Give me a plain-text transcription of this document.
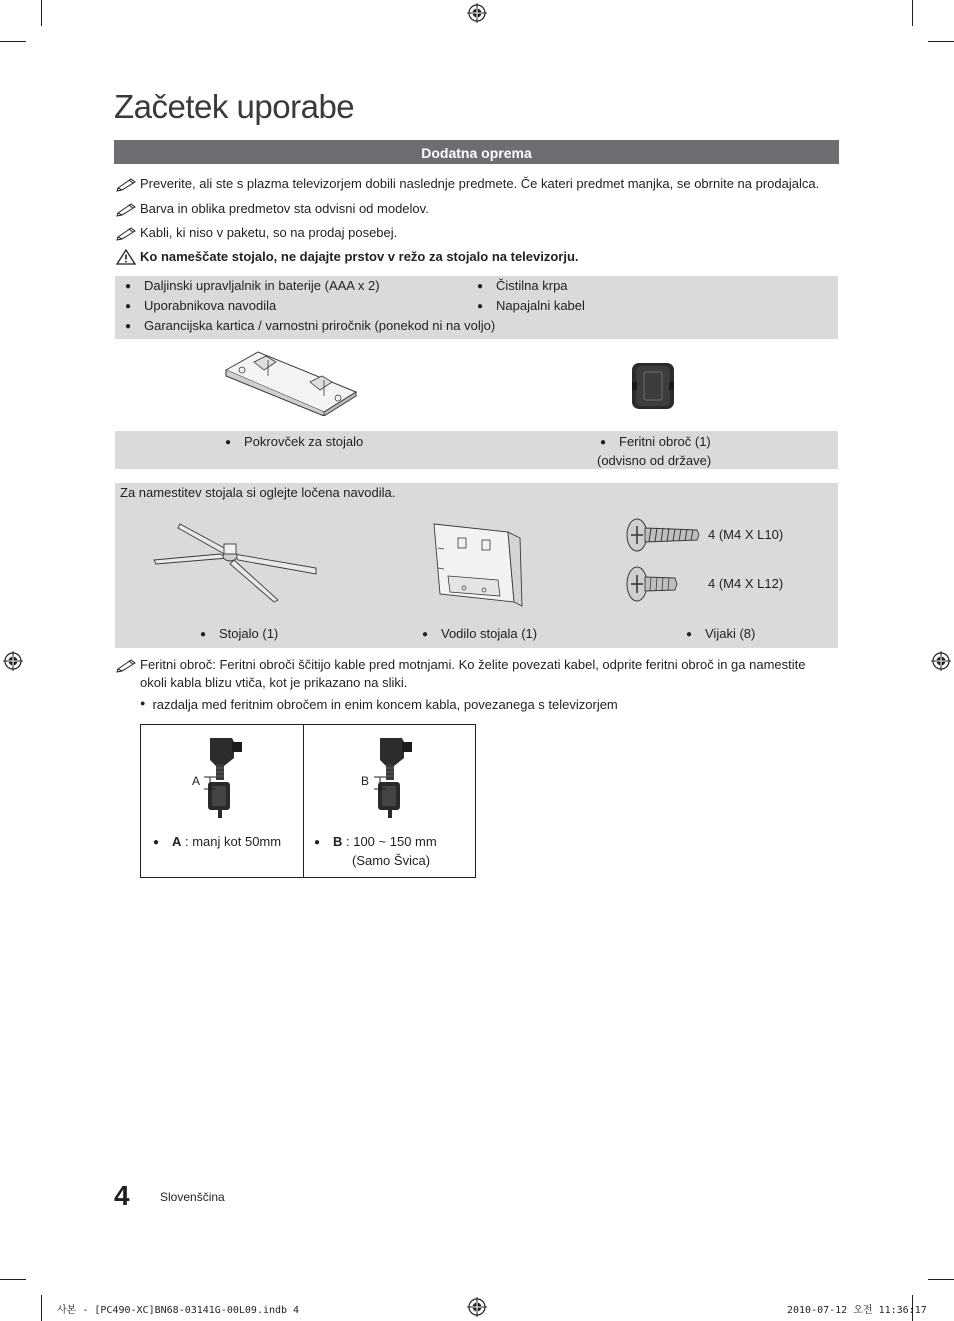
Začetek uporabe
Dodatna oprema
Preverite, ali ste s plazma televizorjem dobili naslednje predmete. Če kateri predmet manjka, se obrnite na prodajalca.
Barva in oblika predmetov sta odvisni od modelov.
Kabli, ki niso v paketu, so na prodaj posebej.
Ko nameščate stojalo, ne dajajte prstov v režo za stojalo na televizorju.
● Daljinski upravljalnik in baterije (AAA x 2)
● Uporabnikova navodila
● Garancijska kartica / varnostni priročnik (ponekod ni na voljo)
● Čistilna krpa
● Napajalni kabel
● Pokrovček za stojalo	● Feritni obroč (1)
(odvisno od države)
Za namestitev stojala si oglejte ločena navodila.
4 (M4 X L10)
4 (M4 X L12)
● Stojalo (1)	● Vodilo stojala (1)	● Vijaki (8)
Feritni obroč: Feritni obroči ščitijo kable pred motnjami. Ko želite povezati kabel, odprite feritni obroč in ga namestite
okoli kabla blizu vtiča, kot je prikazano na sliki.
● razdalja med feritnim obročem in enim koncem kabla, povezanega s televizorjem
A	B
● A : manj kot 50mm	● B : 100 ~ 150 mm
(Samo Švica)
4	Slovenščina
사본 - [PC490-XC]BN68-03141G-00L09.indb 4	2010-07-12 오전 11:36:17
